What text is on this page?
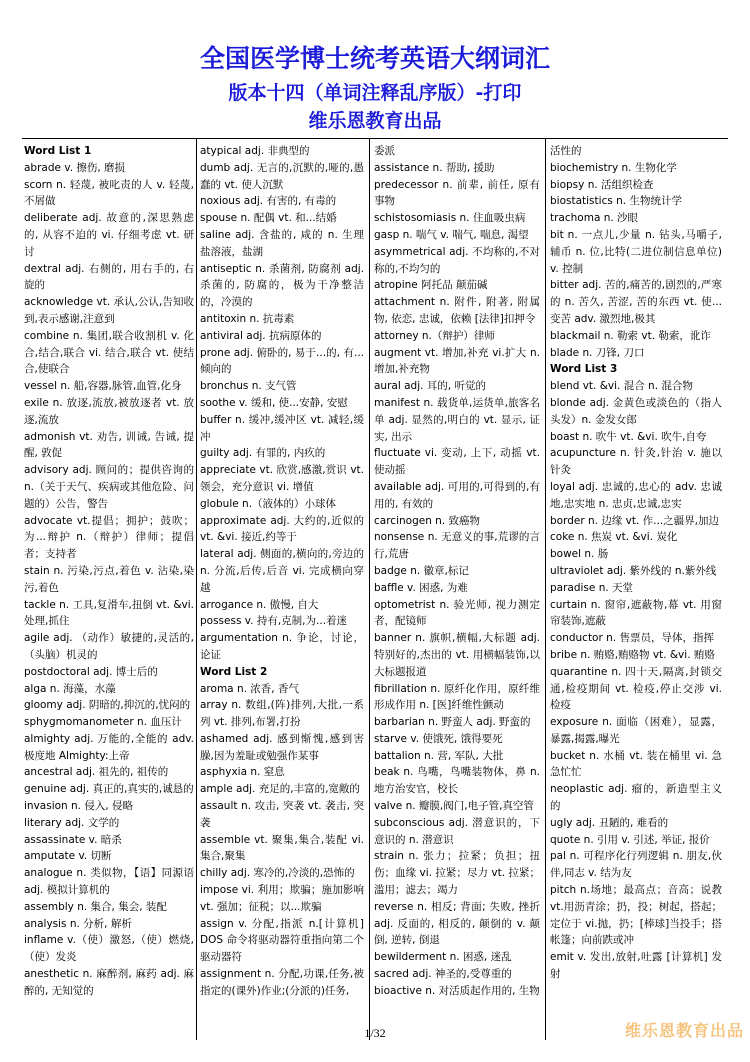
全国医学博士统考英语大纲词汇
版本十四（单词注释乱序版）-打印
维乐恩教育出品
Word List 1
abrade v. 擦伤, 磨损
scorn n. 轻蔑, 被叱责的人 v. 轻蔑, 不屑做
deliberate adj. 故意的,深思熟虑的, 从容不迫的 vi. 仔细考虑 vt. 研讨
dextral adj. 右侧的, 用右手的, 右旋的
acknowledge vt. 承认,公认,告知收到,表示感谢,注意到
combine n. 集团,联合收割机 v. 化合,结合,联合 vi. 结合,联合 vt. 使结合,使联合
vessel n. 船,容器,脉管,血管,化身
exile n. 放逐,流放,被放逐者 vt. 放逐,流放
admonish vt. 劝告, 训诫, 告诫, 提醒, 敦促
advisory adj. 顾问的；提供咨询的 n.（关于天气、疾病或其他危险、问题的）公告，警告
advocate vt.提倡；拥护；鼓吹；为...辩护 n.（辩护）律师；提倡者；支持者
stain n. 污染,污点,着色 v. 沾染,染污,着色
tackle n. 工具,复滑车,扭倒 vt. &vi. 处理,抓住
agile adj. （动作）敏捷的,灵活的,（头脑）机灵的
postdoctoral adj. 博士后的
alga n. 海藻，水藻
gloomy adj. 阴暗的,抑沉的,忧闷的
sphygmomanometer n. 血压计
almighty adj. 万能的,全能的 adv. 极度地 Almighty:上帝
ancestral adj. 祖先的, 祖传的
genuine adj. 真正的,真实的,诚恳的
invasion n. 侵入, 侵略
literary adj. 文学的
assassinate v. 暗杀
amputate v. 切断
analogue n. 类似物，【语】同源语 adj. 模拟计算机的
assembly n. 集合, 集会, 装配
analysis n. 分析, 解析
inflame v.（使）激怒,（使）燃烧,（使）发炎
anesthetic n. 麻醉剂, 麻药 adj. 麻醉的, 无知觉的
atypical adj. 非典型的
dumb adj. 无言的,沉默的,哑的,愚蠢的 vt. 使人沉默
noxious adj. 有害的, 有毒的
spouse n. 配偶 vt. 和...结婚
saline adj. 含盐的, 咸的 n. 生理盐溶液，盐湖
antiseptic n. 杀菌剂, 防腐剂 adj. 杀菌的, 防腐的，极为干净整洁的，冷漠的
antitoxin n. 抗毒素
antiviral adj. 抗病原体的
prone adj. 俯卧的, 易于...的, 有...倾向的
bronchus n. 支气管
soothe v. 缓和, 使...安静, 安慰
buffer n. 缓冲,缓冲区 vt. 减轻,缓冲
guilty adj. 有罪的, 内疚的
appreciate vt. 欣赏,感激,赏识 vt. 领会，充分意识 vi. 增值
globule n.（液体的）小球体
approximate adj. 大约的,近似的 vt. &vi. 接近,约等于
lateral adj. 侧面的,横向的,旁边的 n. 分流,后传,后音 vi. 完成横向穿越
arrogance n. 傲慢, 自大
possess v. 持有,克制,为...着迷
argumentation n. 争论，讨论，论证
Word List 2
aroma n. 浓香, 香气
array n. 数组,(阵)排列,大批,一系列 vt. 排列,布署,打扮
ashamed adj. 感到惭愧,感到害臊,因为羞耻或勉强作某事
asphyxia n. 窒息
ample adj. 充足的,丰富的,宽敞的
assault n. 攻击, 突袭 vt. 袭击, 突袭
assemble vt. 聚集,集合,装配 vi. 集合,聚集
chilly adj. 寒冷的,冷淡的,恐怖的
impose vi. 利用；欺骗；施加影响 vt. 强加；征税；以...欺骗
assign v. 分配,指派 n.[计算机] DOS 命令将驱动器符重指向第二个驱动器符
assignment n. 分配,功课,任务,被指定的(课外)作业;(分派的)任务,
委派
assistance n. 帮助, 援助
predecessor n. 前辈, 前任, 原有事物
schistosomiasis n. 住血吸虫病
gasp n. 喘气 v. 喘气, 喘息, 渴望
asymmetrical adj. 不均称的,不对称的,不均匀的
atropine 阿托品 颠茄碱
attachment n. 附件, 附著, 附属物, 依恋, 忠诚，依赖 [法律]扣押令
attorney n.（辩护）律师
augment vt. 增加,补充 vi.扩大 n. 增加,补充物
aural adj. 耳的, 听觉的
manifest n. 载货单,运货单,旅客名单 adj. 显然的,明白的 vt. 显示, 证实, 出示
fluctuate vi. 变动, 上下, 动摇 vt. 使动摇
available adj. 可用的,可得到的,有用的, 有效的
carcinogen n. 致癌物
nonsense n. 无意义的事,荒谬的言行,荒唐
badge n. 徽章,标记
baffle v. 困惑, 为难
optometrist n. 验光师, 视力测定者，配镜师
banner n. 旗帜,横幅,大标题 adj. 特别好的,杰出的 vt. 用横幅装饰,以大标题报道
fibrillation n. 原纤化作用，原纤维形成作用 n. [医]纤维性颤动
barbarian n. 野蛮人 adj. 野蛮的
starve v. 使饿死, 饿得要死
battalion n. 营, 军队, 大批
beak n. 鸟嘴，鸟嘴装物体，鼻 n. 地方治安官，校长
valve n. 瓣膜,阀门,电子管,真空管
subconscious adj. 潜意识的，下意识的 n. 潜意识
strain n. 张力；拉紧；负担；扭伤；血缘 vi. 拉紧；尽力 vt. 拉紧；滥用；滤去；竭力
reverse n. 相反; 背面; 失败, 挫折 adj. 反面的, 相反的, 颠倒的 v. 颠倒, 逆转, 倒退
bewilderment n. 困惑, 迷乱
sacred adj. 神圣的,受尊重的
bioactive n. 对活质起作用的, 生物
活性的
biochemistry n. 生物化学
biopsy n. 活组织检查
biostatistics n. 生物统计学
trachoma n. 沙眼
bit n. 一点儿,少量 n. 钻头,马嚼子,辅币 n. 位,比特(二进位制信息单位) v. 控制
bitter adj. 苦的,痛苦的,剧烈的,严寒的 n. 苦久, 苦涩, 苦的东西 vt. 使...变苦 adv. 激烈地,极其
blackmail n. 勒索 vt. 勒索，讹诈
blade n. 刀锋, 刀口
Word List 3
blend vt. &vi. 混合 n. 混合物
blonde adj. 金黄色或淡色的（指人头发）n. 金发女郎
boast n. 吹牛 vt. &vi. 吹牛,自夸
acupuncture n. 针灸,针治 v. 施以针灸
loyal adj. 忠诚的,忠心的 adv. 忠诚地,忠实地 n. 忠贞,忠诚,忠实
border n. 边缘 vt. 作...之疆界,加边
coke n. 焦炭 vt. &vi. 炭化
bowel n. 肠
ultraviolet adj. 紫外线的 n.紫外线
paradise n. 天堂
curtain n. 窗帘,遮蔽物,幕 vt. 用窗帘装饰,遮蔽
conductor n. 售票员，导体，指挥
bribe n. 贿赂,贿赂物 vt. &vi. 贿赂
quarantine n. 四十天,隔离,封锁交通,检疫期间 vt. 检疫,停止交涉 vi. 检疫
exposure n. 面临（困难），显露，暴露,揭露,曝光
bucket n. 水桶 vt. 装在桶里 vi. 急急忙忙
neoplastic adj. 瘤的，新造型主义的
ugly adj. 丑陋的, 难看的
quote n. 引用 v. 引述, 举证, 报价
pal n. 可程序化行列逻辑 n. 朋友,伙伴,同志 v. 结为友
pitch n.场地；最高点；音高；说教 vt.用沥青涂；扔，投；树起，搭起；定位于 vi.抛，扔；[棒球]当投手；搭帐篷；向前跌或冲
emit v. 发出,放射,吐露 [计算机] 发射
1/32	维乐恩教育出品
